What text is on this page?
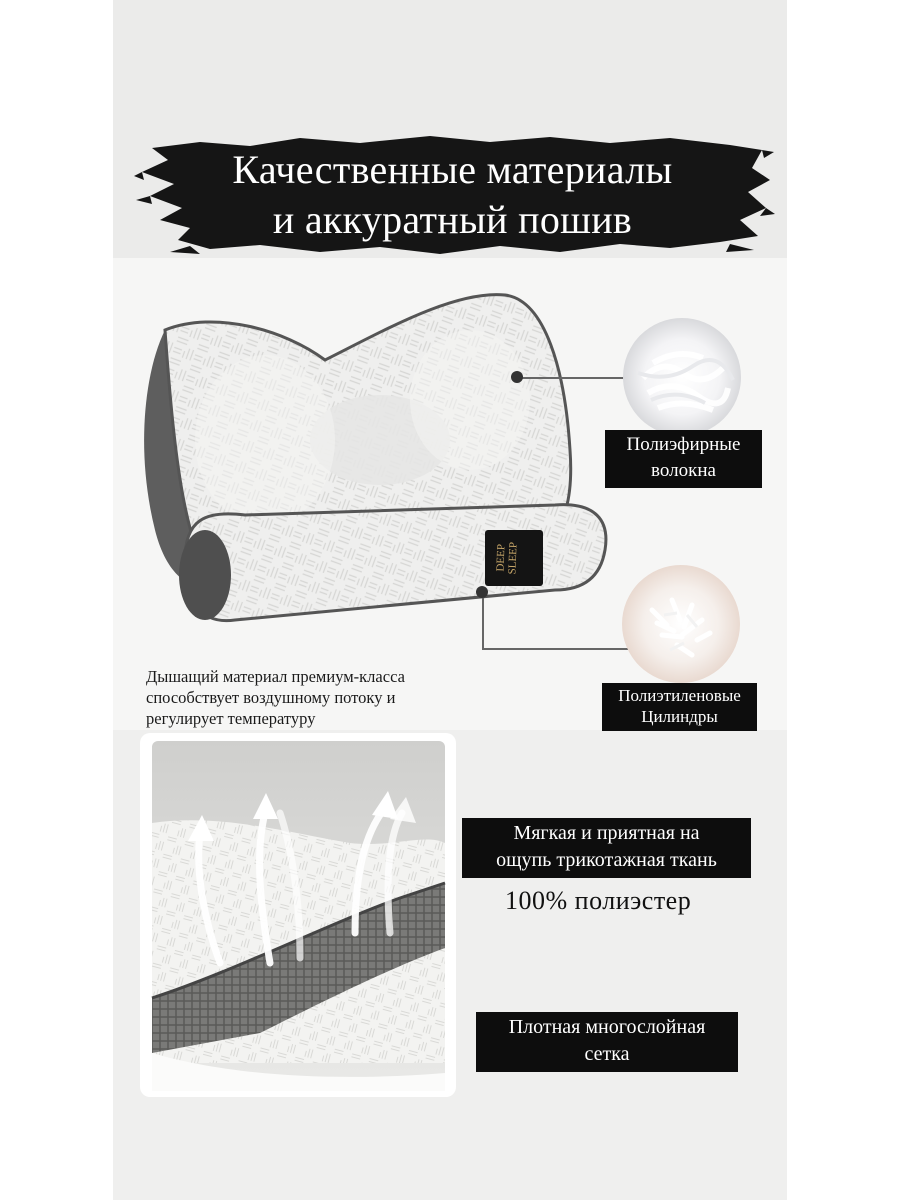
Качественные материалы
и аккуратный пошив
DEEP SLEEP
Полиэфирные
волокна
Полиэтиленовые
Цилиндры
Дышащий материал премиум-класса
способствует воздушному потоку и
регулирует температуру
Мягкая и приятная на
ощупь трикотажная ткань
100% полиэстер
Плотная многослойная
сетка
